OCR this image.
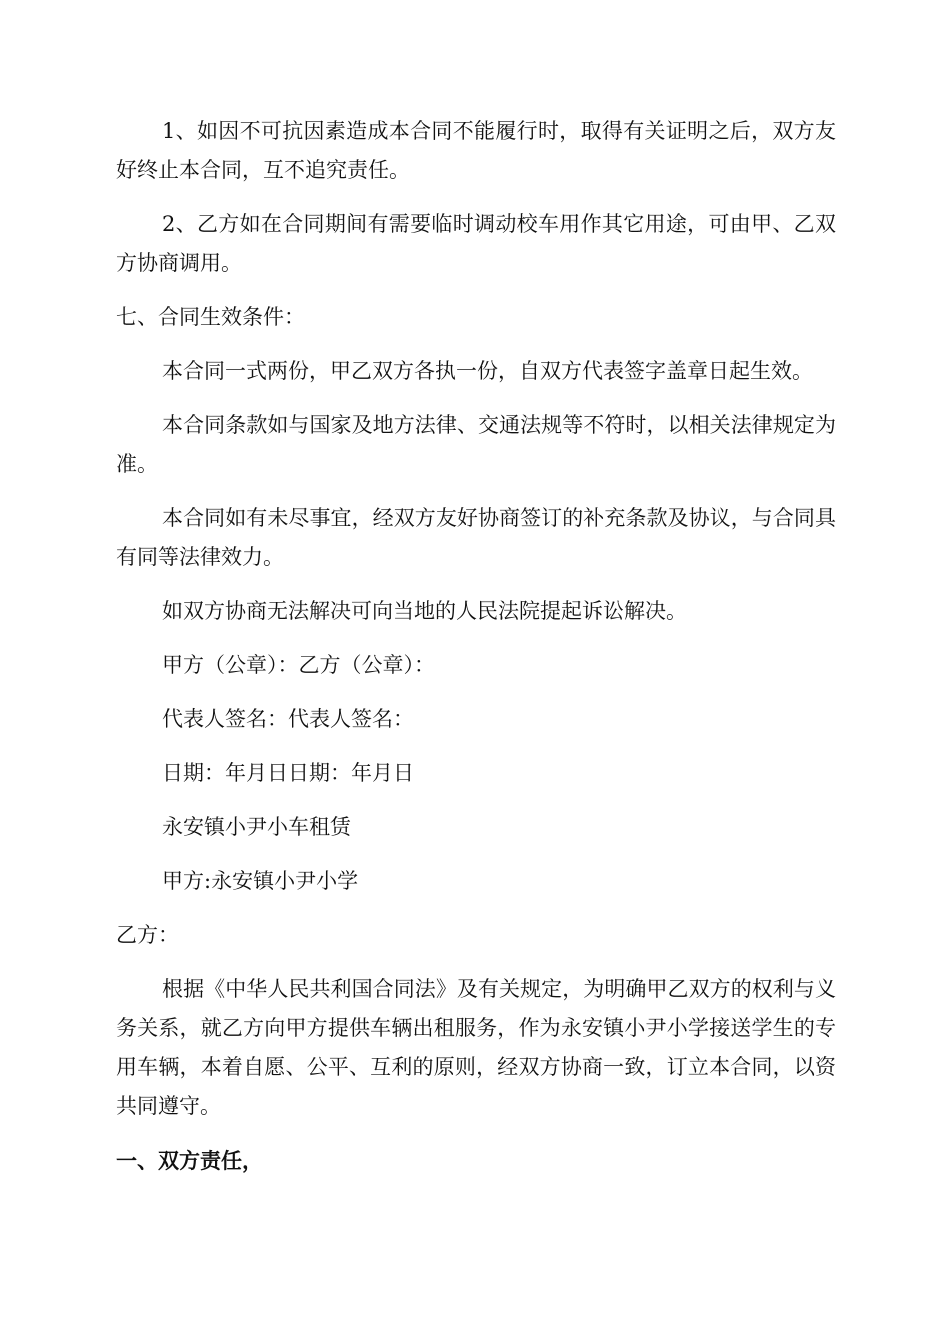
1、如因不可抗因素造成本合同不能履行时，取得有关证明之后，双方友好终止本合同，互不追究责任。

2、乙方如在合同期间有需要临时调动校车用作其它用途，可由甲、乙双方协商调用。

七、合同生效条件：

本合同一式两份，甲乙双方各执一份，自双方代表签字盖章日起生效。

本合同条款如与国家及地方法律、交通法规等不符时，以相关法律规定为准。

本合同如有未尽事宜，经双方友好协商签订的补充条款及协议，与合同具有同等法律效力。

如双方协商无法解决可向当地的人民法院提起诉讼解决。

甲方（公章）：乙方（公章）：

代表人签名：代表人签名：

日期：年月日日期：年月日

永安镇小尹小车租赁

甲方:永安镇小尹小学

乙方：

根据《中华人民共利国合同法》及有关规定，为明确甲乙双方的权利与义务关系，就乙方向甲方提供车辆出租服务，作为永安镇小尹小学接送学生的专用车辆，本着自愿、公平、互利的原则，经双方协商一致，订立本合同，以资共同遵守。

一、双方责任，
